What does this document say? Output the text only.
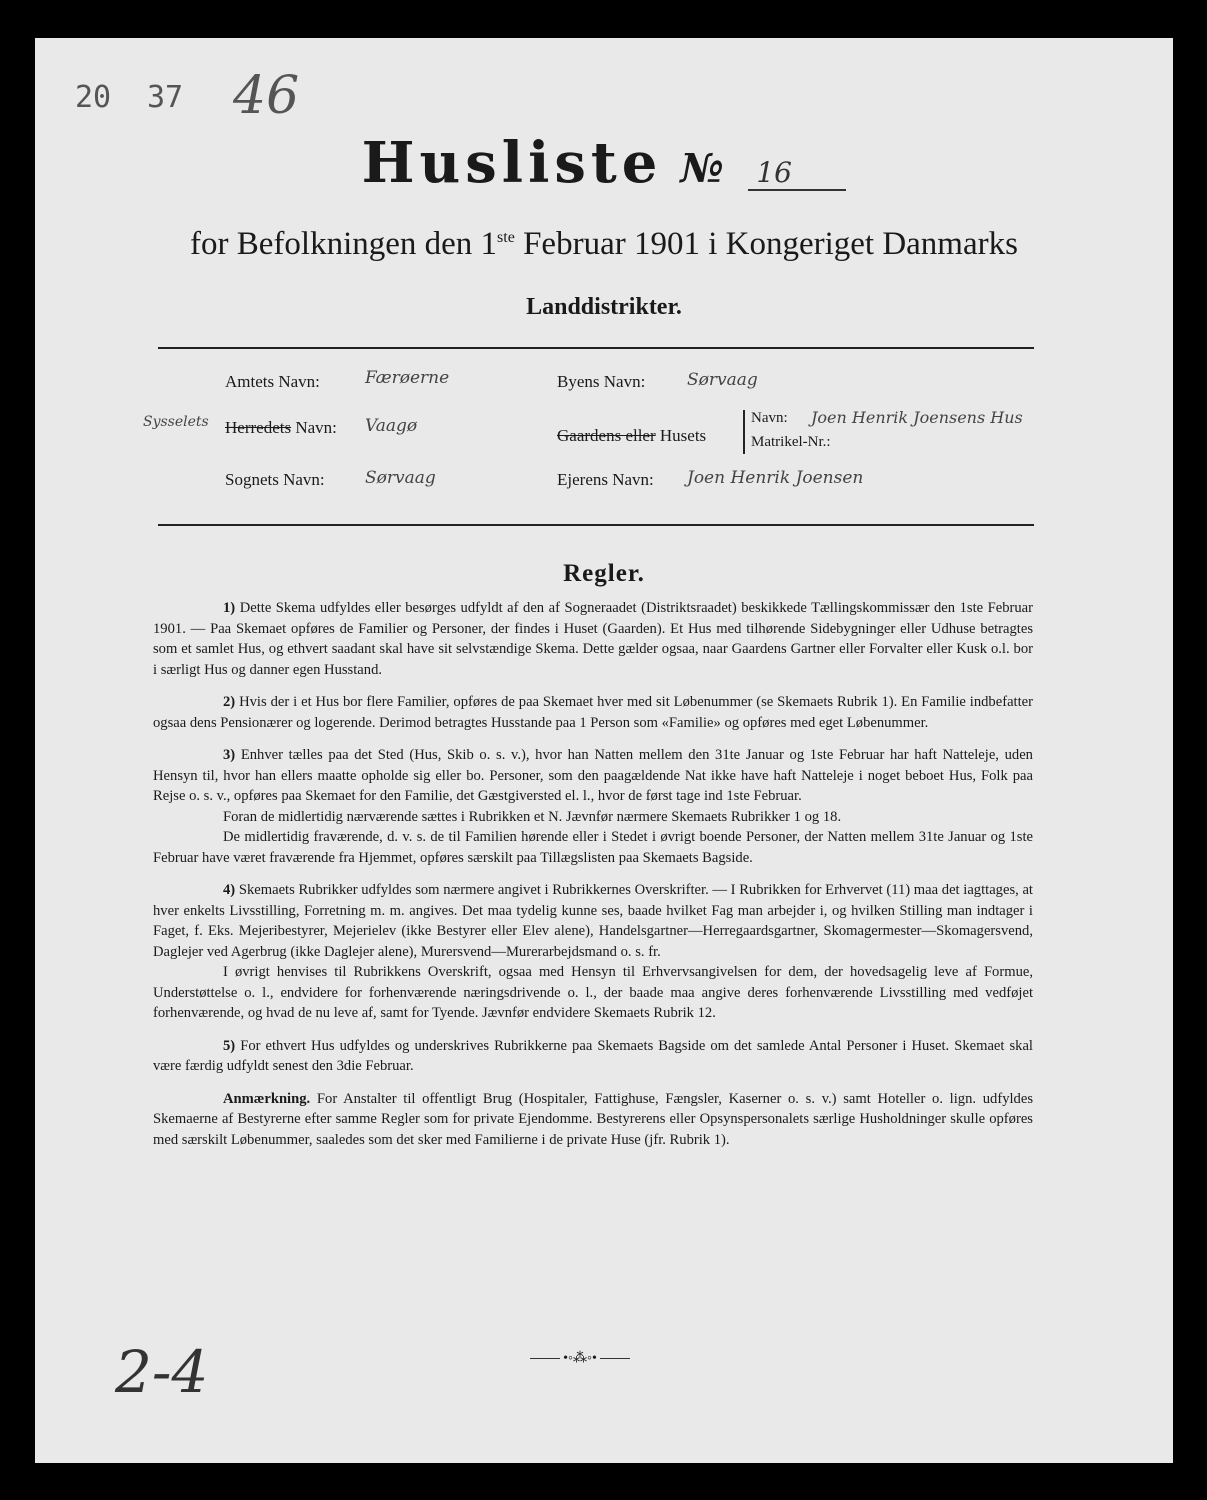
20 37 46
Husliste № 16
for Befolkningen den 1ste Februar 1901 i Kongeriget Danmarks
Landdistrikter.
Amtets Navn:	Færøerne	Byens Navn: Sørvaag
Sysselets Herredets Navn: Vaagø	Gaardens eller Husets
Navn: Joen Henrik Joensens Hus
Matrikel-Nr.:
Sognets Navn: Sørvaag	Ejerens Navn: Joen Henrik Joensen
Regler.

1) Dette Skema udfyldes eller besørges udfyldt af den af Sogneraadet (Distriktsraadet) beskikkede Tællingskommissær den 1ste Februar 1901. — Paa Skemaet opføres de Familier og Personer, der findes i Huset (Gaarden). Et Hus med tilhørende Sidebygninger eller Udhuse betragtes som et samlet Hus, og ethvert saadant skal have sit selvstændige Skema. Dette gælder ogsaa, naar Gaardens Gartner eller Forvalter eller Kusk o.l. bor i særligt Hus og danner egen Husstand.

2) Hvis der i et Hus bor flere Familier, opføres de paa Skemaet hver med sit Løbenummer (se Skemaets Rubrik 1). En Familie indbefatter ogsaa dens Pensionærer og logerende. Derimod betragtes Husstande paa 1 Person som «Familie» og opføres med eget Løbenummer.

3) Enhver tælles paa det Sted (Hus, Skib o. s. v.), hvor han Natten mellem den 31te Januar og 1ste Februar har haft Natteleje, uden Hensyn til, hvor han ellers maatte opholde sig eller bo. Personer, som den paagældende Nat ikke have haft Natteleje i noget beboet Hus, Folk paa Rejse o. s. v., opføres paa Skemaet for den Familie, det Gæstgiversted el. l., hvor de først tage ind 1ste Februar.

Foran de midlertidig nærværende sættes i Rubrikken et N. Jævnfør nærmere Skemaets Rubrikker 1 og 18.

De midlertidig fraværende, d. v. s. de til Familien hørende eller i Stedet i øvrigt boende Personer, der Natten mellem 31te Januar og 1ste Februar have været fraværende fra Hjemmet, opføres særskilt paa Tillægslisten paa Skemaets Bagside.

4) Skemaets Rubrikker udfyldes som nærmere angivet i Rubrikkernes Overskrifter. — I Rubrikken for Erhvervet (11) maa det iagttages, at hver enkelts Livsstilling, Forretning m. m. angives. Det maa tydelig kunne ses, baade hvilket Fag man arbejder i, og hvilken Stilling man indtager i Faget, f. Eks. Mejeribestyrer, Mejerielev (ikke Bestyrer eller Elev alene), Handelsgartner—Herregaardsgartner, Skomagermester—Skomagersvend, Daglejer ved Agerbrug (ikke Daglejer alene), Murersvend—Murerarbejdsmand o. s. fr.

I øvrigt henvises til Rubrikkens Overskrift, ogsaa med Hensyn til Erhvervsangivelsen for dem, der hovedsagelig leve af Formue, Understøttelse o. l., endvidere for forhenværende næringsdrivende o. l., der baade maa angive deres forhenværende Livsstilling med vedføjet forhenværende, og hvad de nu leve af, samt for Tyende. Jævnfør endvidere Skemaets Rubrik 12.

5) For ethvert Hus udfyldes og underskrives Rubrikkerne paa Skemaets Bagside om det samlede Antal Personer i Huset. Skemaet skal være færdig udfyldt senest den 3die Februar.

Anmærkning. For Anstalter til offentligt Brug (Hospitaler, Fattighuse, Fængsler, Kaserner o. s. v.) samt Hoteller o. lign. udfyldes Skemaerne af Bestyrerne efter samme Regler som for private Ejendomme. Bestyrerens eller Opsynspersonalets særlige Husholdninger skulle opføres med særskilt Løbenummer, saaledes som det sker med Familierne i de private Huse (jfr. Rubrik 1).

•◦⁂◦•
2-4
